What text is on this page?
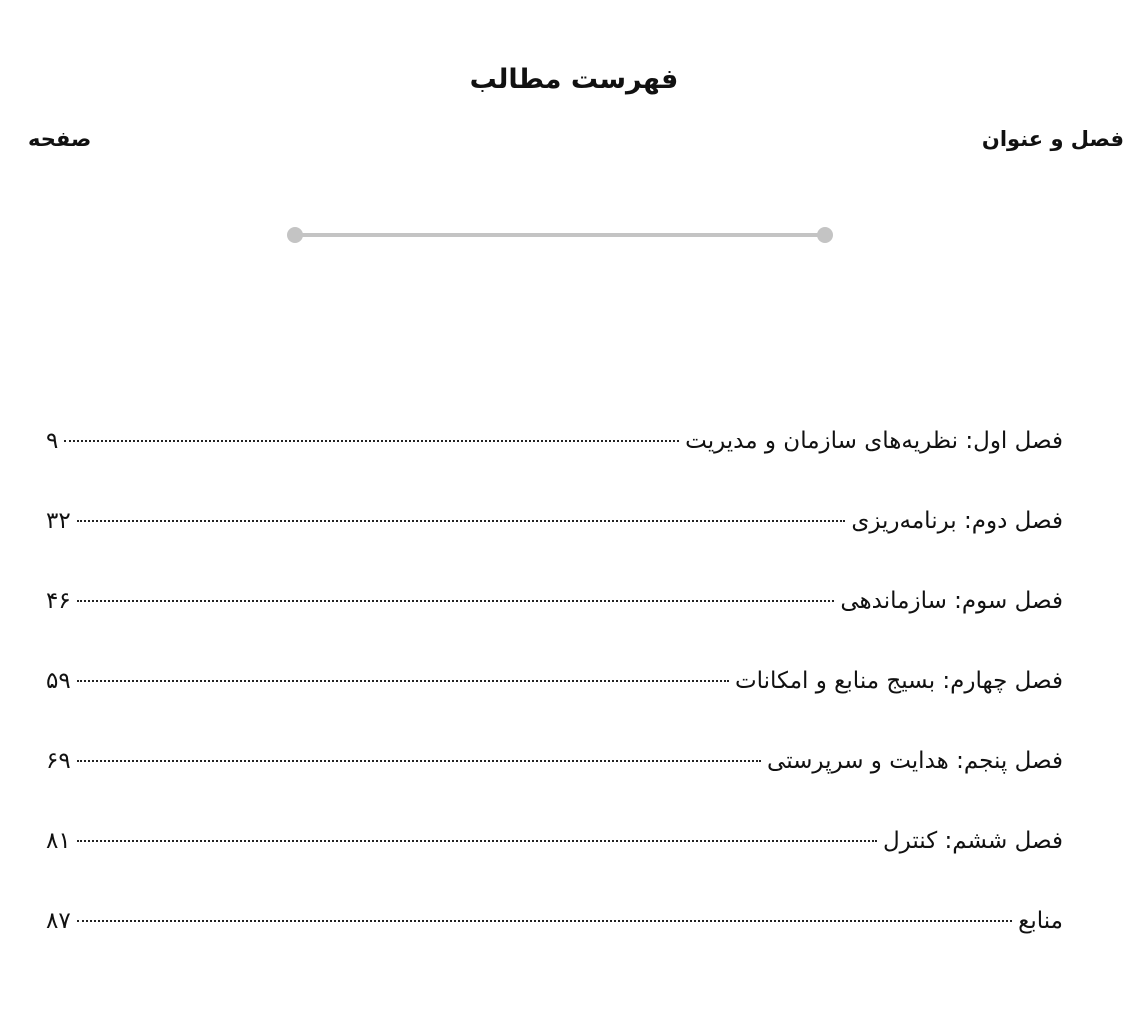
فهرست مطالب
فصل و عنوان
صفحه
فصل اول: نظریه‌های سازمان و مدیریت
۹
فصل دوم: برنامه‌ریزی
۳۲
فصل سوم: سازماندهی
۴۶
فصل چهارم: بسیج منابع و امکانات
۵۹
فصل پنجم: هدایت و سرپرستی
۶۹
فصل ششم: کنترل
۸۱
منابع
۸۷
